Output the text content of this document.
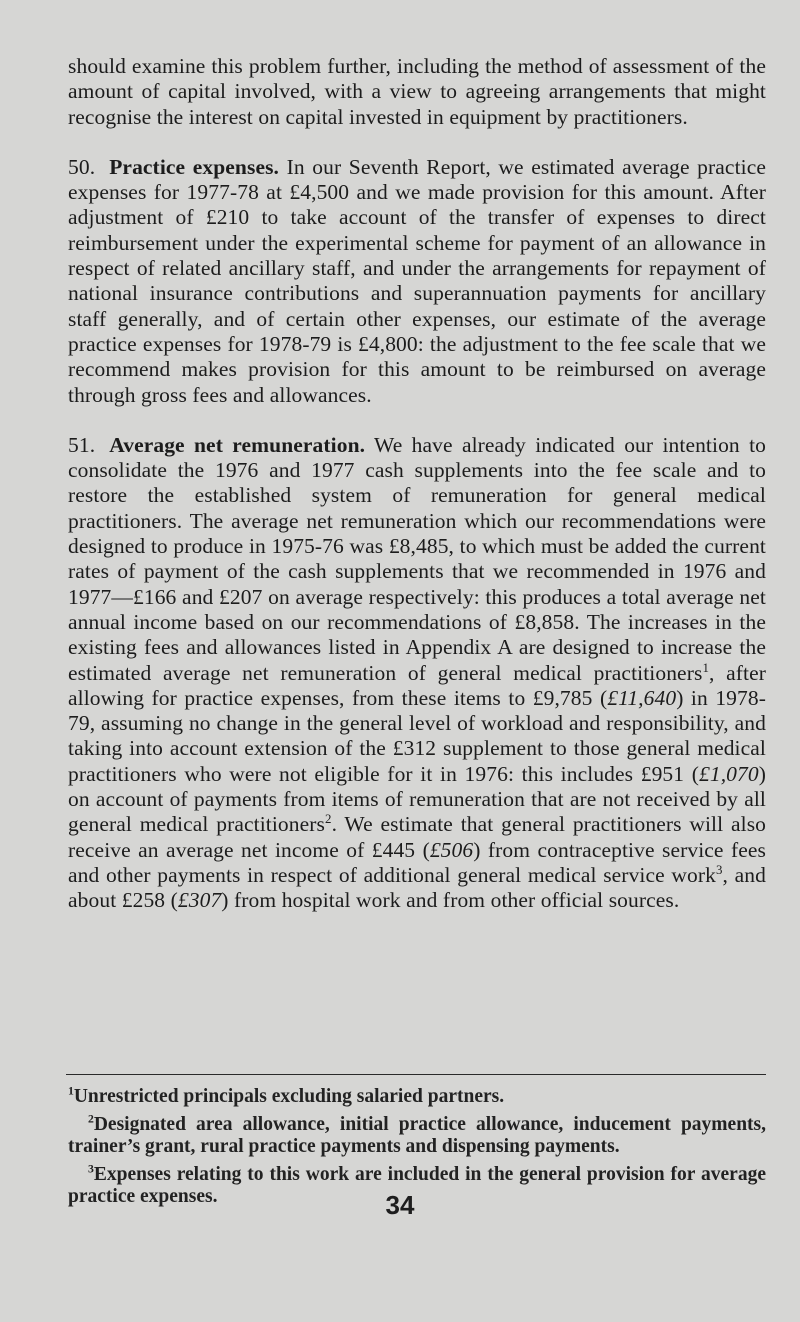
should examine this problem further, including the method of assessment of the amount of capital involved, with a view to agreeing arrangements that might recognise the interest on capital invested in equipment by practitioners.

50. Practice expenses. In our Seventh Report, we estimated average practice expenses for 1977-78 at £4,500 and we made provision for this amount. After adjustment of £210 to take account of the transfer of expenses to direct reimbursement under the experimental scheme for payment of an allowance in respect of related ancillary staff, and under the arrangements for repayment of national insurance contributions and superannuation payments for ancillary staff generally, and of certain other expenses, our estimate of the average practice expenses for 1978-79 is £4,800: the adjustment to the fee scale that we recommend makes provision for this amount to be reimbursed on average through gross fees and allowances.

51. Average net remuneration. We have already indicated our intention to consolidate the 1976 and 1977 cash supplements into the fee scale and to restore the established system of remuneration for general medical practitioners. The average net remuneration which our recommendations were designed to produce in 1975-76 was £8,485, to which must be added the current rates of payment of the cash supplements that we recommended in 1976 and 1977—£166 and £207 on average respectively: this produces a total average net annual income based on our recommendations of £8,858. The increases in the existing fees and allowances listed in Appendix A are designed to increase the estimated average net remuneration of general medical practitioners$^1$, after allowing for practice expenses, from these items to £9,785 (£11,640) in 1978-79, assuming no change in the general level of workload and responsibility, and taking into account extension of the £312 supplement to those general medical practitioners who were not eligible for it in 1976: this includes £951 (£1,070) on account of payments from items of remuneration that are not received by all general medical practitioners$^2$. We estimate that general practitioners will also receive an average net income of £445 (£506) from contraceptive service fees and other payments in respect of additional general medical service work$^3$, and about £258 (£307) from hospital work and from other official sources.

$^1$Unrestricted principals excluding salaried partners.

$^2$Designated area allowance, initial practice allowance, inducement payments, trainer’s grant, rural practice payments and dispensing payments.

$^3$Expenses relating to this work are included in the general provision for average practice expenses.	34
